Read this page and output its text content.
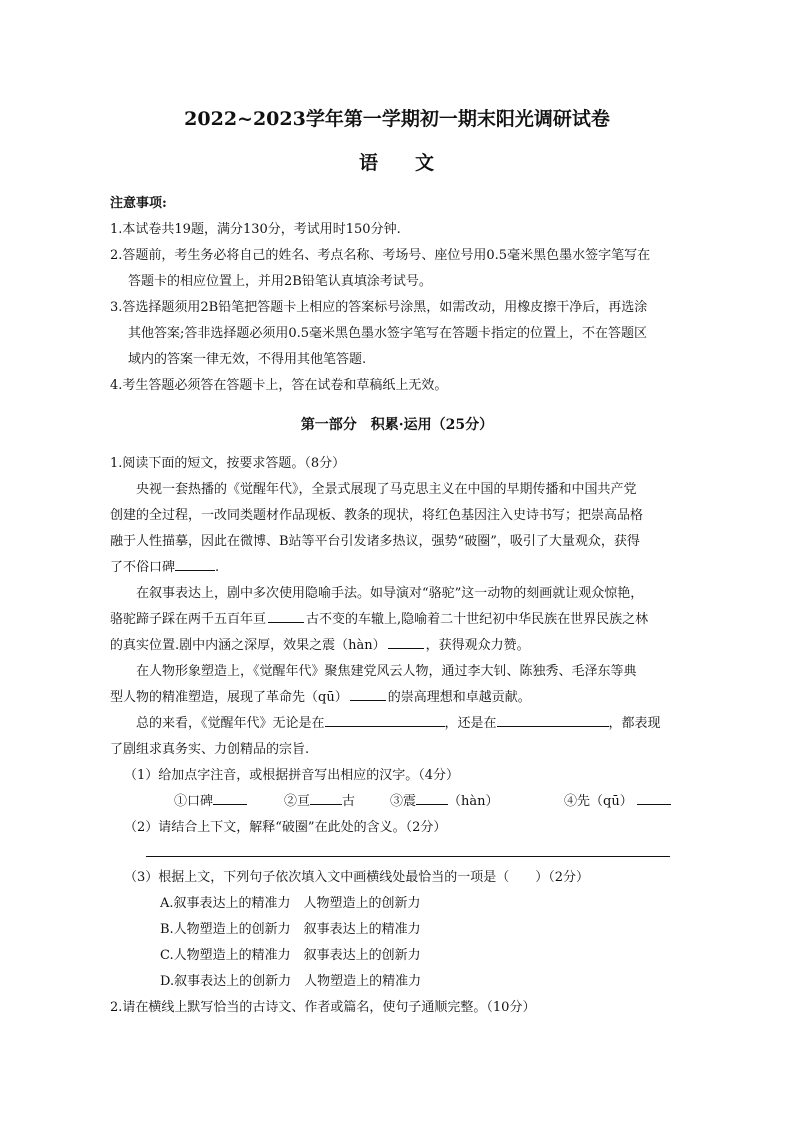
2022~2023学年第一学期初一期末阳光调研试卷
语 文
注意事项:
1.本试卷共19题，满分130分，考试用时150分钟.
2.答题前，考生务必将自己的姓名、考点名称、考场号、座位号用0.5毫米黑色墨水签字笔写在
答题卡的相应位置上，并用2B铅笔认真填涂考试号。
3.答选择题须用2B铅笔把答题卡上相应的答案标号涂黑，如需改动，用橡皮擦干净后，再选涂
其他答案;答非选择题必须用0.5毫米黑色墨水签字笔写在答题卡指定的位置上，不在答题区
域内的答案一律无效，不得用其他笔答题.
4.考生答题必须答在答题卡上，答在试卷和草稿纸上无效。
第一部分　积累·运用（25分）
1.阅读下面的短文，按要求答题。（8分）
央视一套热播的《觉醒年代》，全景式展现了马克思主义在中国的早期传播和中国共产党
创建的全过程，一改同类题材作品现板、教条的现状，将红色基因注入史诗书写；把崇高品格
融于人性描摹，因此在微博、B站等平台引发诸多热议，强势“破圈”，吸引了大量观众，获得
了不俗口碑	.
在叙事表达上，剧中多次使用隐喻手法。如导演对“骆驼”这一动物的刻画就让观众惊艳，
骆驼蹄子踩在两千五百年亘	古不变的车辙上,隐喻着二十世纪初中华民族在世界民族之林
的真实位置.剧中内涵之深厚，效果之震（hàn）	，获得观众力赞。
在人物形象塑造上，《觉醒年代》聚焦建党风云人物，通过李大钊、陈独秀、毛泽东等典
型人物的精准塑造，展现了革命先（qū）	的崇高理想和卓越贡献。
总的来看，《觉醒年代》无论是在	，还是在	，都表现
了剧组求真务实、力创精品的宗旨.
（1）给加点字注音，或根据拼音写出相应的汉字。（4分）
①口碑	②亘 古	③震 （hàn）	④先（qū）
（2）请结合上下文，解释“破圈”在此处的含义。（2分）
（3）根据上文，下列句子依次填入文中画横线处最恰当的一项是（　　）（2分）
A.叙事表达上的精准力　人物塑造上的创新力
B.人物塑造上的创新力　叙事表达上的精准力
C.人物塑造上的精准力　叙事表达上的创新力
D.叙事表达上的创新力　人物塑造上的精准力
2.请在横线上默写恰当的古诗文、作者或篇名，使句子通顺完整。（10分）
